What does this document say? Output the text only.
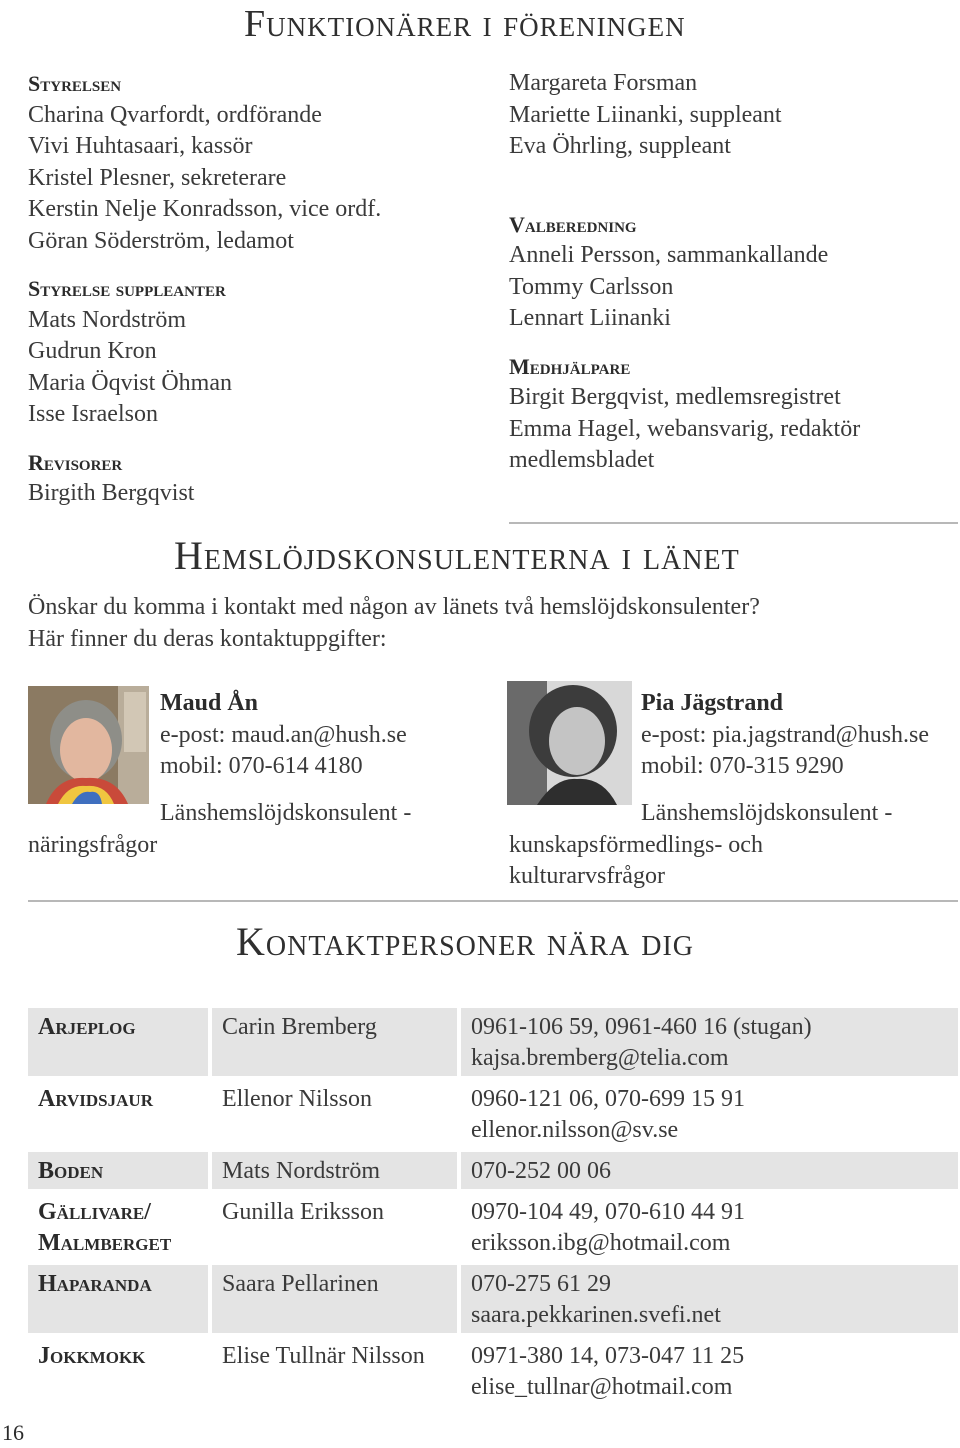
Funktionärer i föreningen
Styrelsen
Charina Qvarfordt, ordförande
Vivi Huhtasaari, kassör
Kristel Plesner, sekreterare
Kerstin Nelje Konradsson, vice ordf.
Göran Söderström, ledamot
Styrelse suppleanter
Mats Nordström
Gudrun Kron
Maria Öqvist Öhman
Isse Israelson
Revisorer
Birgith Bergqvist
Margareta Forsman
Mariette Liinanki, suppleant
Eva Öhrling, suppleant
Valberedning
Anneli Persson, sammankallande
Tommy Carlsson
Lennart Liinanki
Medhjälpare
Birgit Bergqvist, medlemsregistret
Emma Hagel, webansvarig, redaktör
medlemsbladet
Hemslöjdskonsulenterna i länet
Önskar du komma i kontakt med någon av länets två hemslöjdskonsulenter?
Här finner du deras kontaktuppgifter:
Maud Ån
e-post: maud.an@hush.se
mobil: 070-614 4180
Länshemslöjdskonsulent -
näringsfrågor
Pia Jägstrand
e-post: pia.jagstrand@hush.se
mobil: 070-315 9290
Länshemslöjdskonsulent -
kunskapsförmedlings- och
kulturarvsfrågor
Kontaktpersoner nära dig
Arjeplog	Carin Bremberg	0961-106 59, 0961-460 16 (stugan)
kajsa.bremberg@telia.com

Arvidsjaur	Ellenor Nilsson	0960-121 06, 070-699 15 91
ellenor.nilsson@sv.se

Boden	Mats Nordström	070-252 00 06

Gällivare/
Malmberget	Gunilla Eriksson	0970-104 49, 070-610 44 91
eriksson.ibg@hotmail.com

Haparanda	Saara Pellarinen	070-275 61 29
saara.pekkarinen.svefi.net

Jokkmokk	Elise Tullnär Nilsson	0971-380 14, 073-047 11 25
elise_tullnar@hotmail.com
16
